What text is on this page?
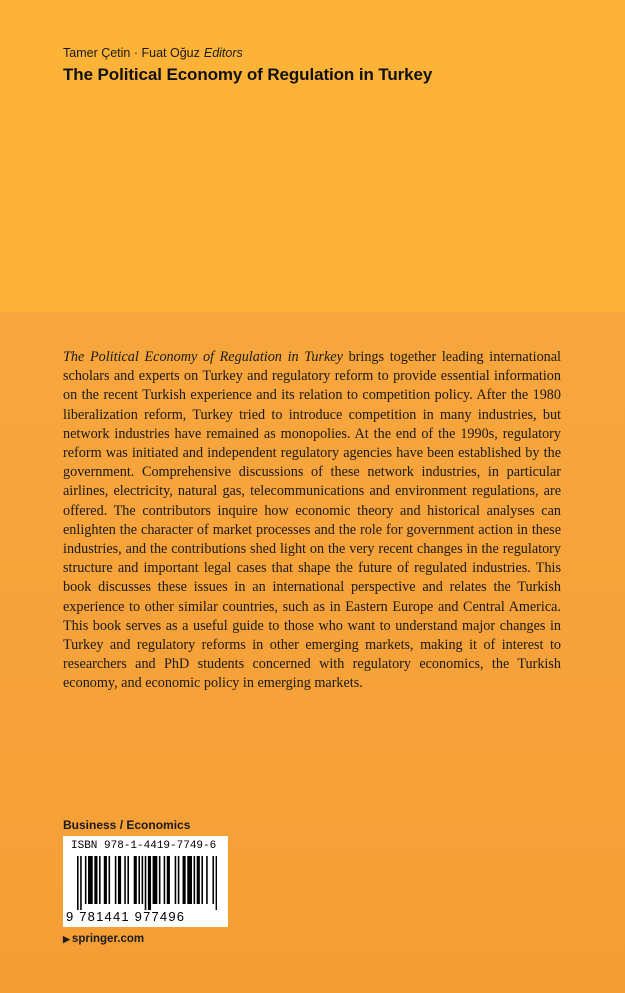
Tamer Çetin · Fuat Oğuz Editors
The Political Economy of Regulation in Turkey
The Political Economy of Regulation in Turkey brings together leading international scholars and experts on Turkey and regulatory reform to provide essential information on the recent Turkish experience and its relation to competition policy. After the 1980 liberalization reform, Turkey tried to introduce competition in many industries, but network industries have remained as monopolies. At the end of the 1990s, regulatory reform was initiated and independent regulatory agencies have been established by the government. Comprehensive discussions of these network industries, in particular airlines, electricity, natural gas, telecommunications and environment regulations, are offered. The contributors inquire how economic theory and historical analyses can enlighten the character of market processes and the role for government action in these industries, and the contributions shed light on the very recent changes in the regulatory structure and important legal cases that shape the future of regulated industries. This book discusses these issues in an international perspective and relates the Turkish experience to other similar countries, such as in Eastern Europe and Central America. This book serves as a useful guide to those who want to understand major changes in Turkey and regulatory reforms in other emerging markets, making it of interest to researchers and PhD students concerned with regulatory economics, the Turkish economy, and economic policy in emerging markets.
Business / Economics
ISBN 978-1-4419-7749-6
9 781441 977496
▶ springer.com
